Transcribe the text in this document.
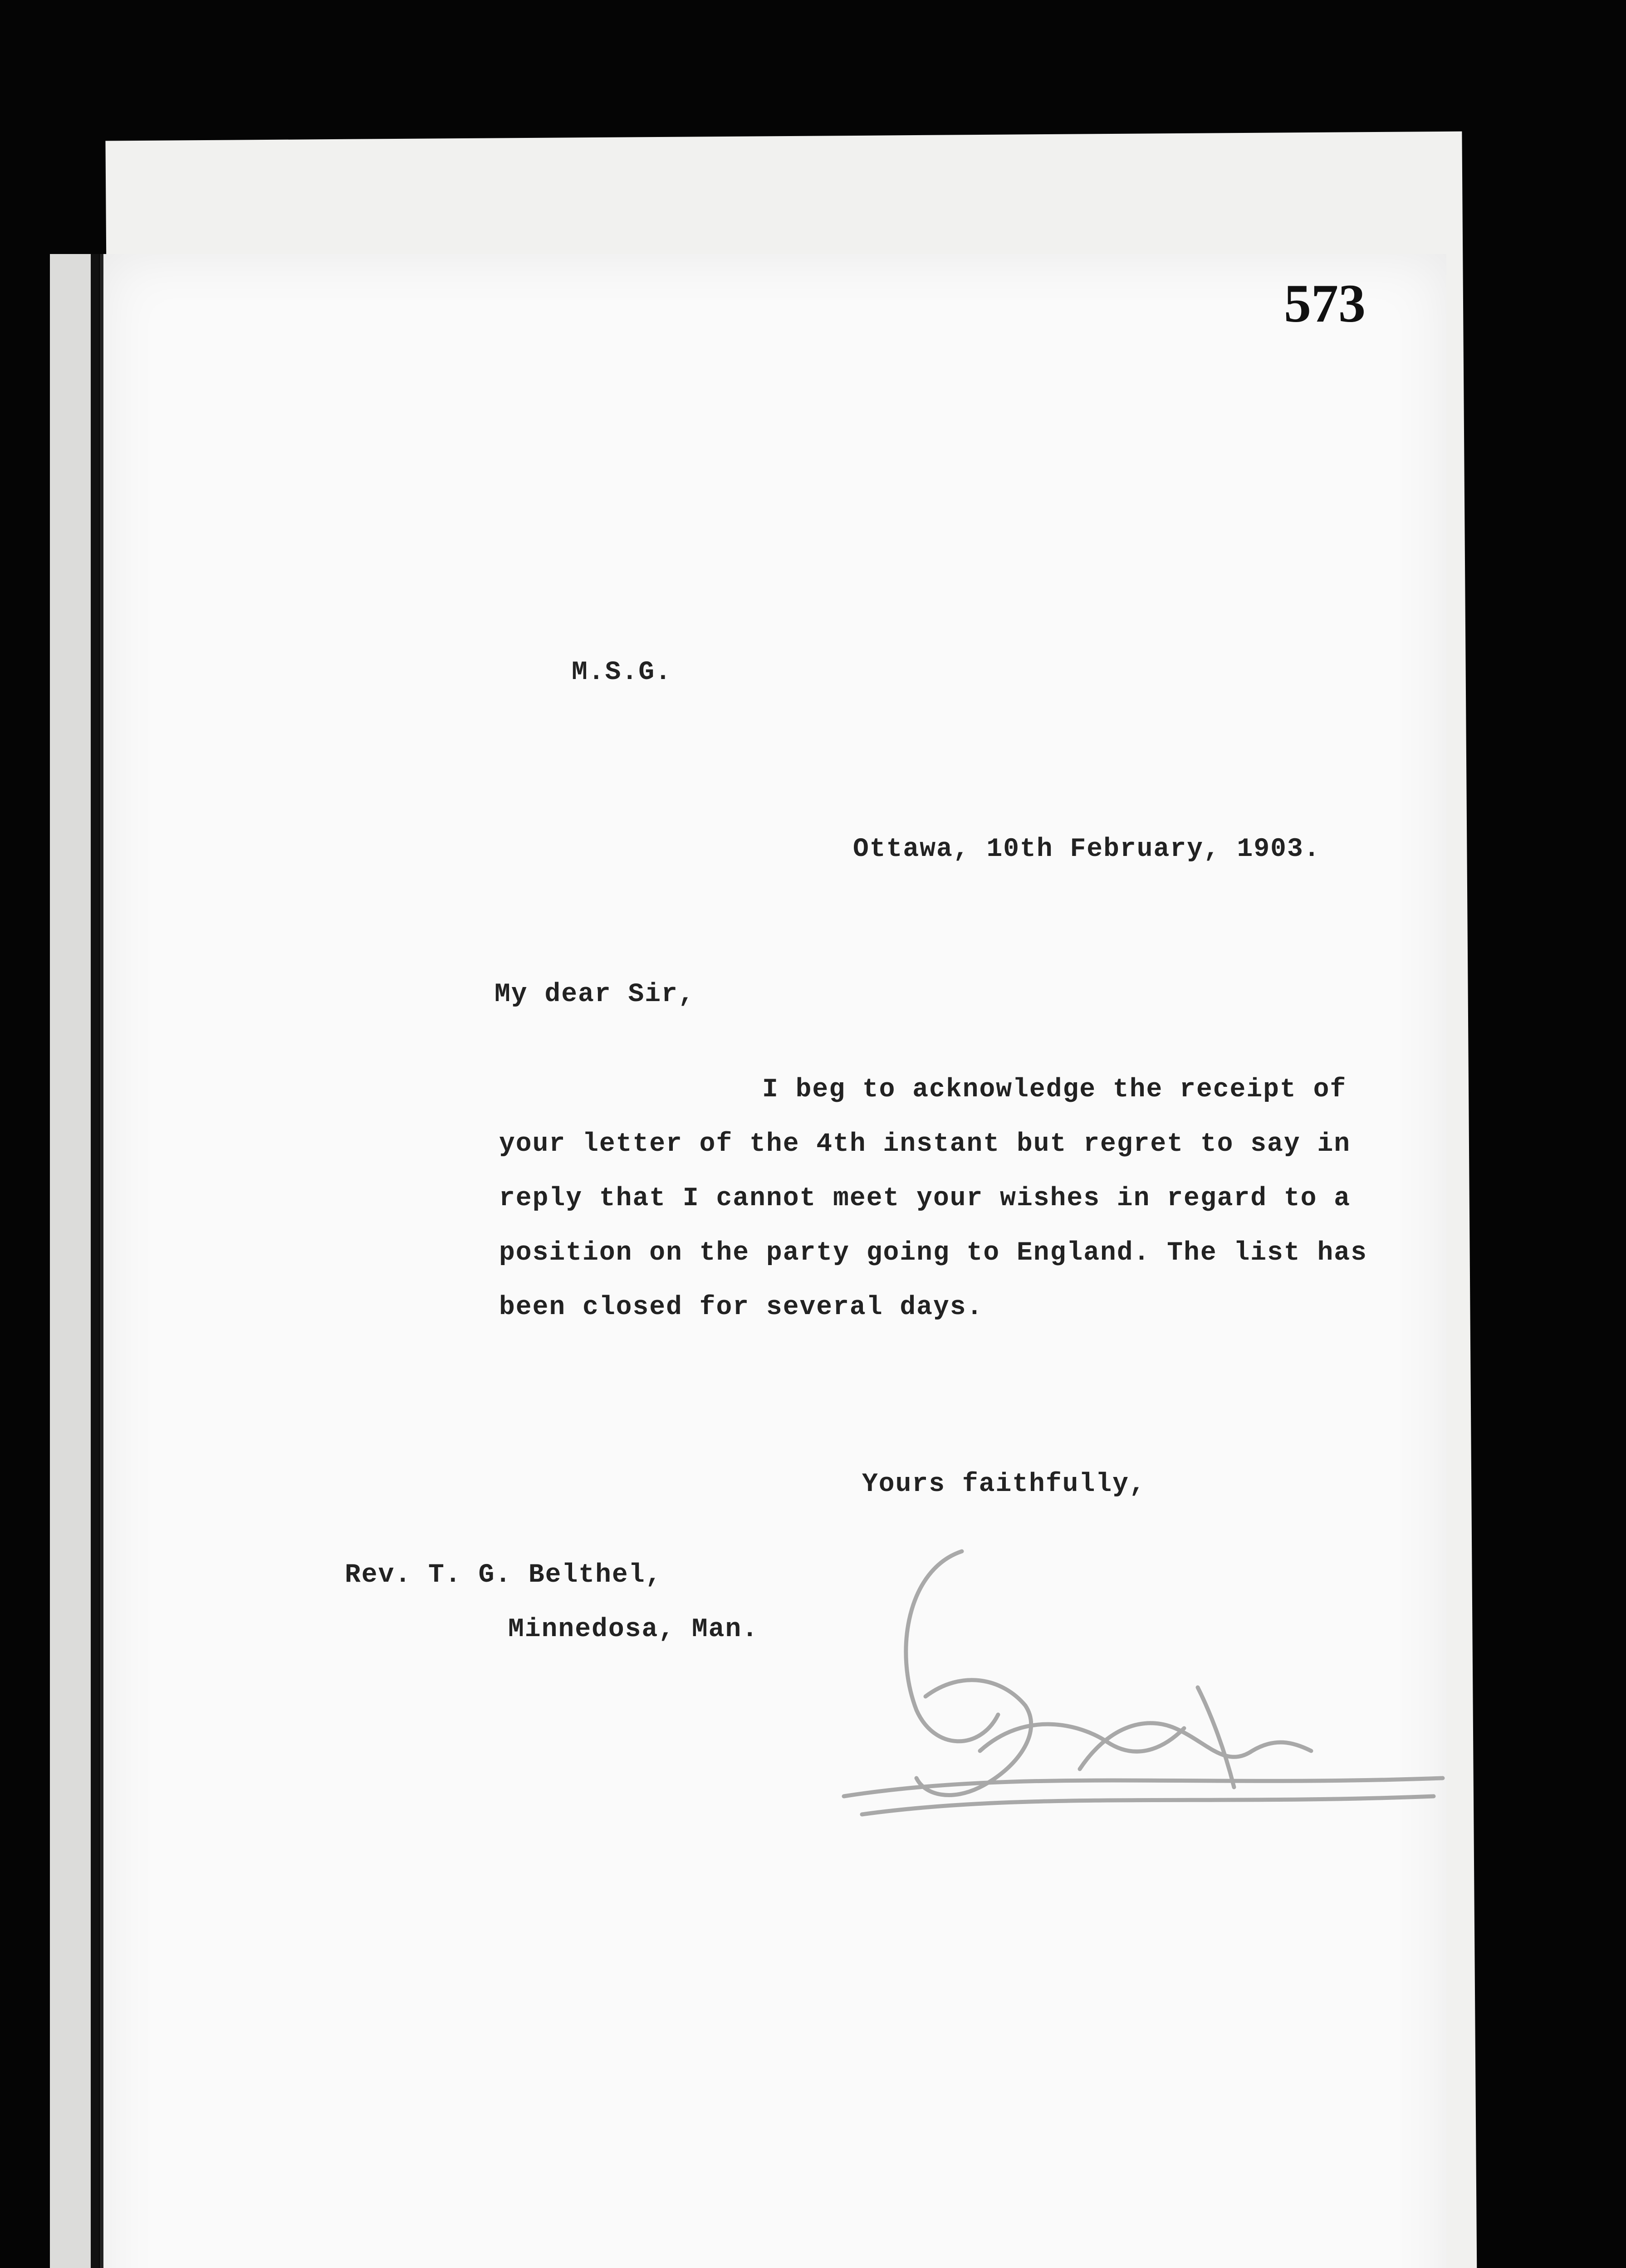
573
M.S.G.
Ottawa, 10th February, 1903.
My dear Sir,
I beg to acknowledge the receipt of
your letter of the 4th instant but regret to say in
reply that I cannot meet your wishes in regard to a
position on the party going to England. The list has
been closed for several days.
Yours faithfully,
Rev. T. G. Belthel,
Minnedosa, Man.
